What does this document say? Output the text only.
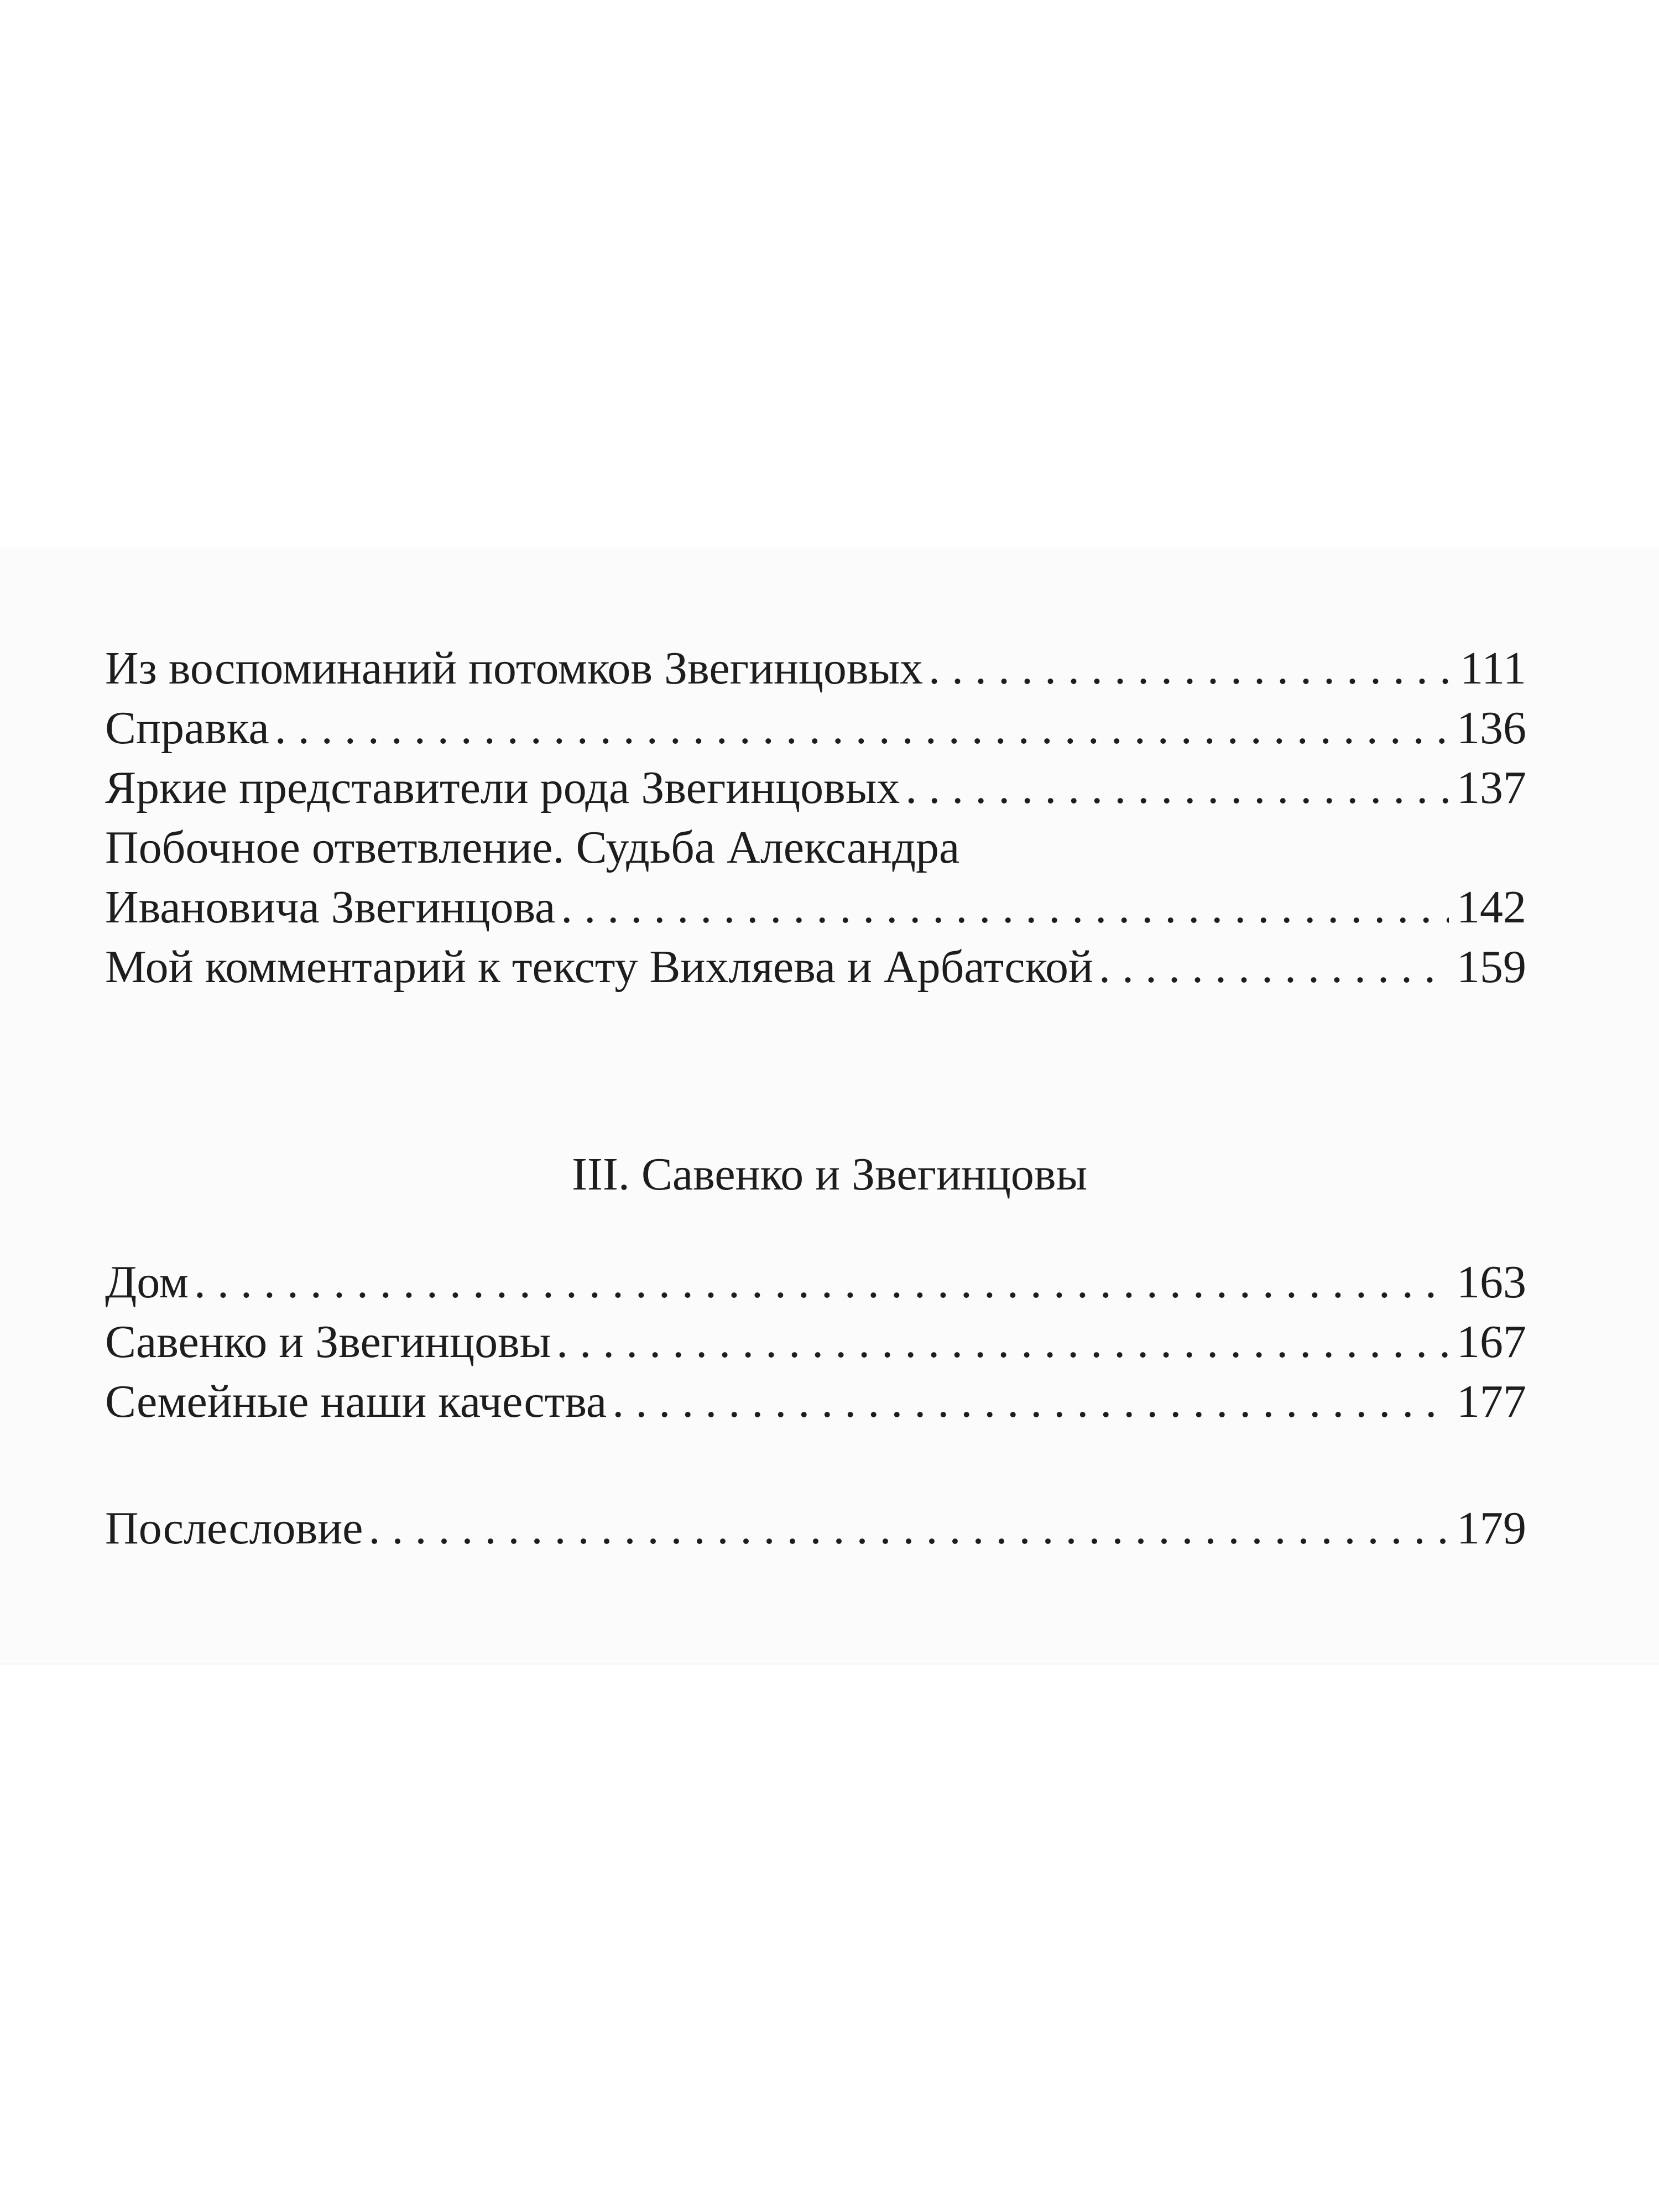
Из воспоминаний потомков Звегинцовых . . .	111
Справка . . .	136
Яркие представители рода Звегинцовых . . .	137
Побочное ответвление. Судьба Александра
Ивановича Звегинцова . . .	142
Мой комментарий к тексту Вихляева и Арбатской . . .	159
III. Савенко и Звегинцовы
Дом . . .	163
Савенко и Звегинцовы . . .	167
Семейные наши качества . . .	177
Послесловие . . .	179
